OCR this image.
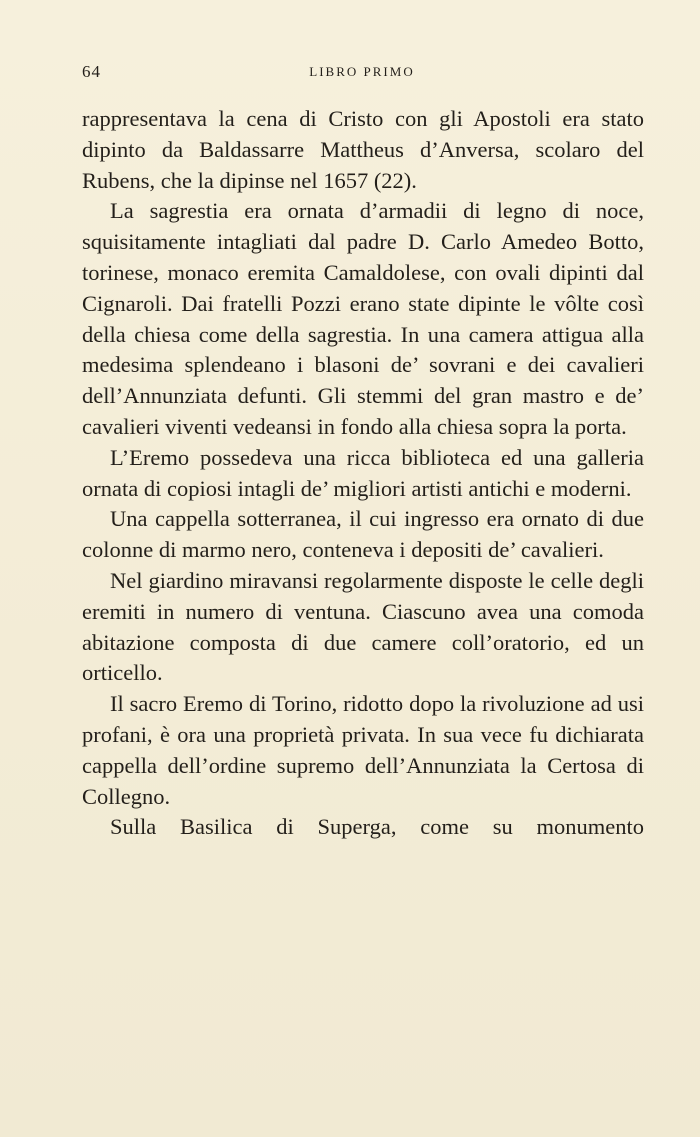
64	LIBRO PRIMO

rappresentava la cena di Cristo con gli Apostoli era stato dipinto da Baldassarre Mattheus d’Anversa, scolaro del Rubens, che la dipinse nel 1657 (22).

La sagrestia era ornata d’armadii di legno di noce, squisitamente intagliati dal padre D. Carlo Amedeo Botto, torinese, monaco eremita Camaldolese, con ovali dipinti dal Cignaroli. Dai fratelli Pozzi erano state dipinte le vôlte così della chiesa come della sagrestia. In una camera attigua alla medesima splendeano i blasoni de’ sovrani e dei cavalieri dell’Annunziata defunti. Gli stemmi del gran mastro e de’ cavalieri viventi vedeansi in fondo alla chiesa sopra la porta.

L’Eremo possedeva una ricca biblioteca ed una galleria ornata di copiosi intagli de’ migliori artisti antichi e moderni.

Una cappella sotterranea, il cui ingresso era ornato di due colonne di marmo nero, conteneva i depositi de’ cavalieri.

Nel giardino miravansi regolarmente disposte le celle degli eremiti in numero di ventuna. Ciascuno avea una comoda abitazione composta di due camere coll’oratorio, ed un orticello.

Il sacro Eremo di Torino, ridotto dopo la rivoluzione ad usi profani, è ora una proprietà privata. In sua vece fu dichiarata cappella dell’ordine supremo dell’Annunziata la Certosa di Collegno.

Sulla Basilica di Superga, come su monumento
